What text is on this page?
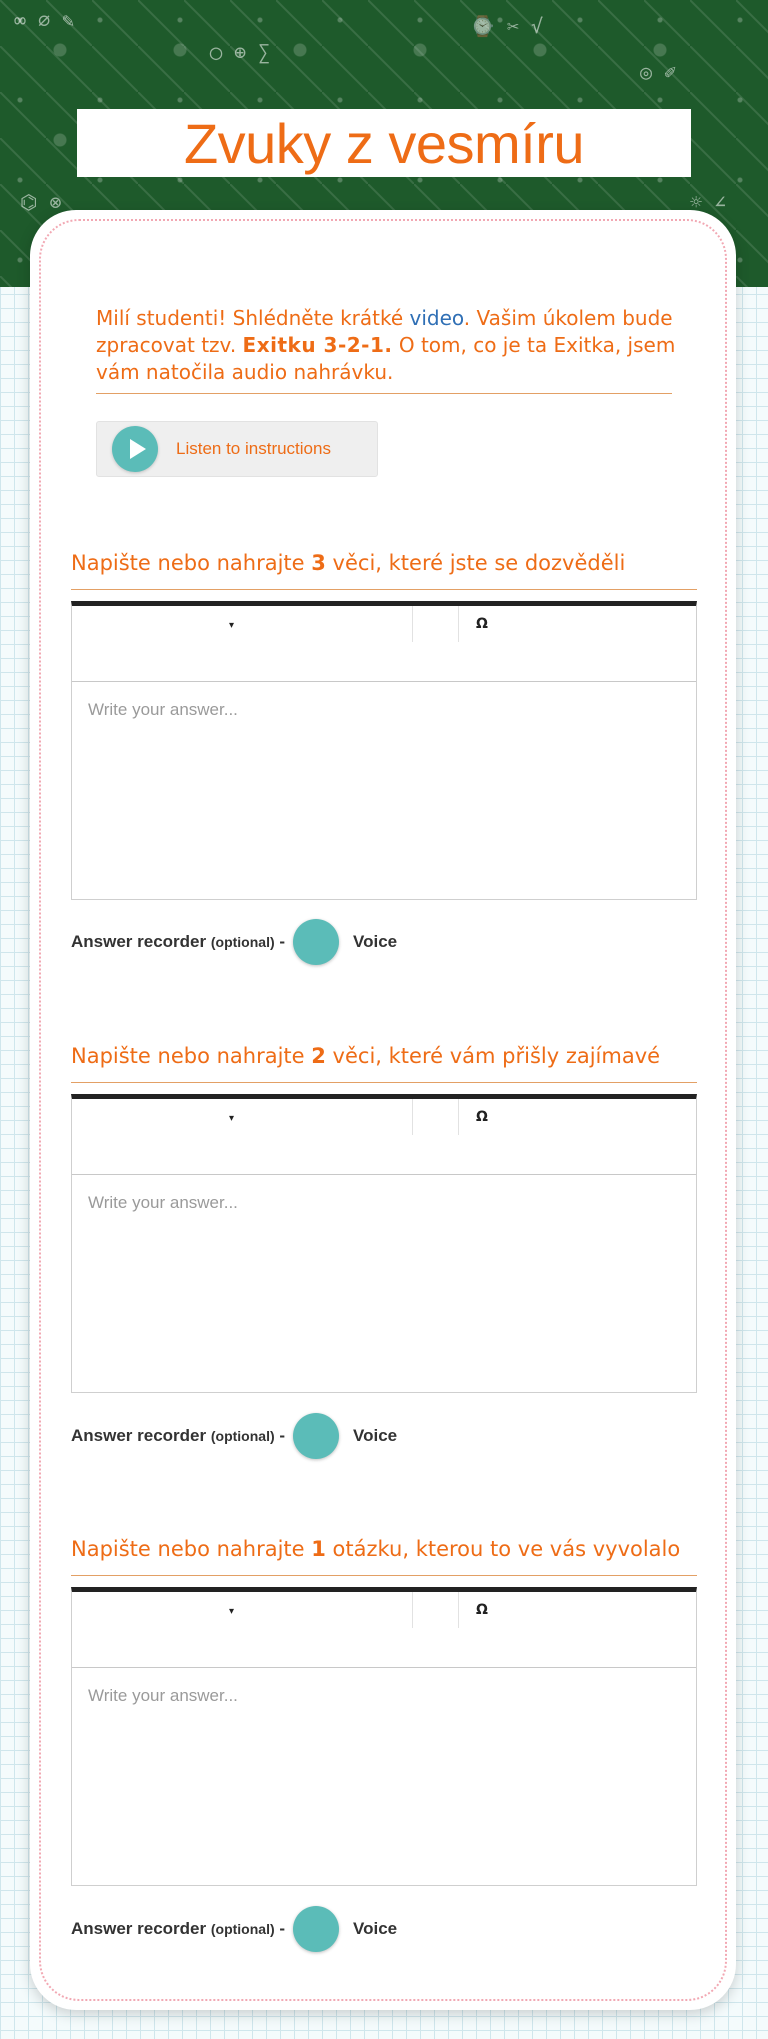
∞ ⌀ ✎
◯ ⊕ ∑
⌚ ✂ √
◎ ✐
⌬ ⊗	☼ ∠
Zvuky z vesmíru

Milí studenti! Shlédněte krátké video. Vašim úkolem bude zpracovat tzv. Exitku 3-2-1. O tom, co je ta Exitka, jsem vám natočila audio nahrávku.

Listen to instructions
Napište nebo nahrajte 3 věci, které jste se dozvěděli
▾	Ω
Write your answer...
Answer recorder (optional) -	Voice
Napište nebo nahrajte 2 věci, které vám přišly zajímavé
▾	Ω
Write your answer...
Answer recorder (optional) -	Voice
Napište nebo nahrajte 1 otázku, kterou to ve vás vyvolalo
▾	Ω
Write your answer...
Answer recorder (optional) -	Voice
